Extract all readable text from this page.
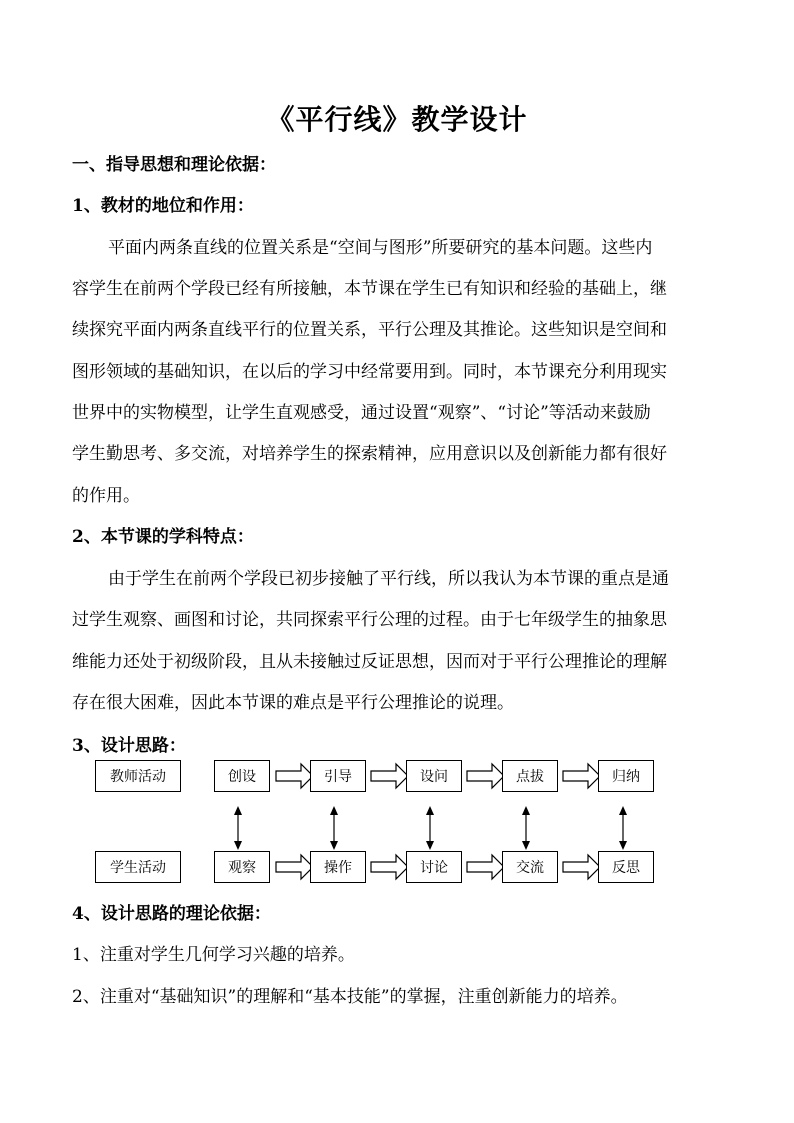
《平行线》教学设计
一、指导思想和理论依据：
1、教材的地位和作用：
平面内两条直线的位置关系是“空间与图形”所要研究的基本问题。这些内
容学生在前两个学段已经有所接触，本节课在学生已有知识和经验的基础上，继
续探究平面内两条直线平行的位置关系，平行公理及其推论。这些知识是空间和
图形领域的基础知识，在以后的学习中经常要用到。同时，本节课充分利用现实
世界中的实物模型，让学生直观感受，通过设置“观察”、“讨论”等活动来鼓励
学生勤思考、多交流，对培养学生的探索精神，应用意识以及创新能力都有很好
的作用。
2、本节课的学科特点：
由于学生在前两个学段已初步接触了平行线，所以我认为本节课的重点是通
过学生观察、画图和讨论，共同探索平行公理的过程。由于七年级学生的抽象思
维能力还处于初级阶段，且从未接触过反证思想，因而对于平行公理推论的理解
存在很大困难，因此本节课的难点是平行公理推论的说理。
3、设计思路：
教师活动	创设	引导	设问	点拔	归纳
学生活动	观察	操作	讨论	交流	反思
4、设计思路的理论依据：
1、注重对学生几何学习兴趣的培养。
2、注重对“基础知识”的理解和“基本技能”的掌握，注重创新能力的培养。
